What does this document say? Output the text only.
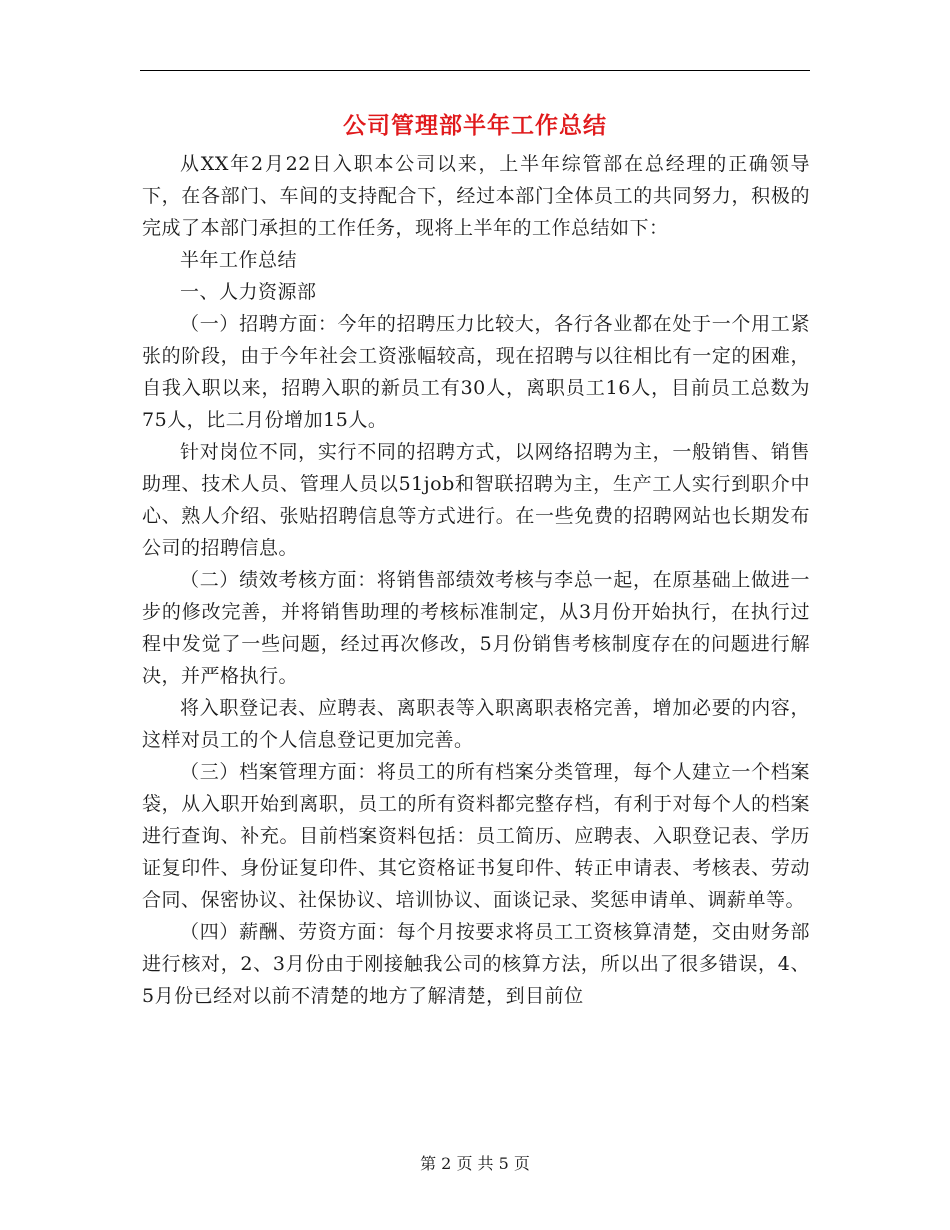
公司管理部半年工作总结

从XX年2月22日入职本公司以来，上半年综管部在总经理的正确领导下，在各部门、车间的支持配合下，经过本部门全体员工的共同努力，积极的完成了本部门承担的工作任务，现将上半年的工作总结如下：

半年工作总结

一、人力资源部

（一）招聘方面：今年的招聘压力比较大，各行各业都在处于一个用工紧张的阶段，由于今年社会工资涨幅较高，现在招聘与以往相比有一定的困难，自我入职以来，招聘入职的新员工有30人，离职员工16人，目前员工总数为75人，比二月份增加15人。

针对岗位不同，实行不同的招聘方式，以网络招聘为主，一般销售、销售助理、技术人员、管理人员以51job和智联招聘为主，生产工人实行到职介中心、熟人介绍、张贴招聘信息等方式进行。在一些免费的招聘网站也长期发布公司的招聘信息。

（二）绩效考核方面：将销售部绩效考核与李总一起，在原基础上做进一步的修改完善，并将销售助理的考核标准制定，从3月份开始执行，在执行过程中发觉了一些问题，经过再次修改，5月份销售考核制度存在的问题进行解决，并严格执行。

将入职登记表、应聘表、离职表等入职离职表格完善，增加必要的内容，这样对员工的个人信息登记更加完善。

（三）档案管理方面：将员工的所有档案分类管理，每个人建立一个档案袋，从入职开始到离职，员工的所有资料都完整存档，有利于对每个人的档案进行查询、补充。目前档案资料包括：员工简历、应聘表、入职登记表、学历证复印件、身份证复印件、其它资格证书复印件、转正申请表、考核表、劳动合同、保密协议、社保协议、培训协议、面谈记录、奖惩申请单、调薪单等。

（四）薪酬、劳资方面：每个月按要求将员工工资核算清楚，交由财务部进行核对，2、3月份由于刚接触我公司的核算方法，所以出了很多错误，4、5月份已经对以前不清楚的地方了解清楚，到目前位

第 2 页 共 5 页
